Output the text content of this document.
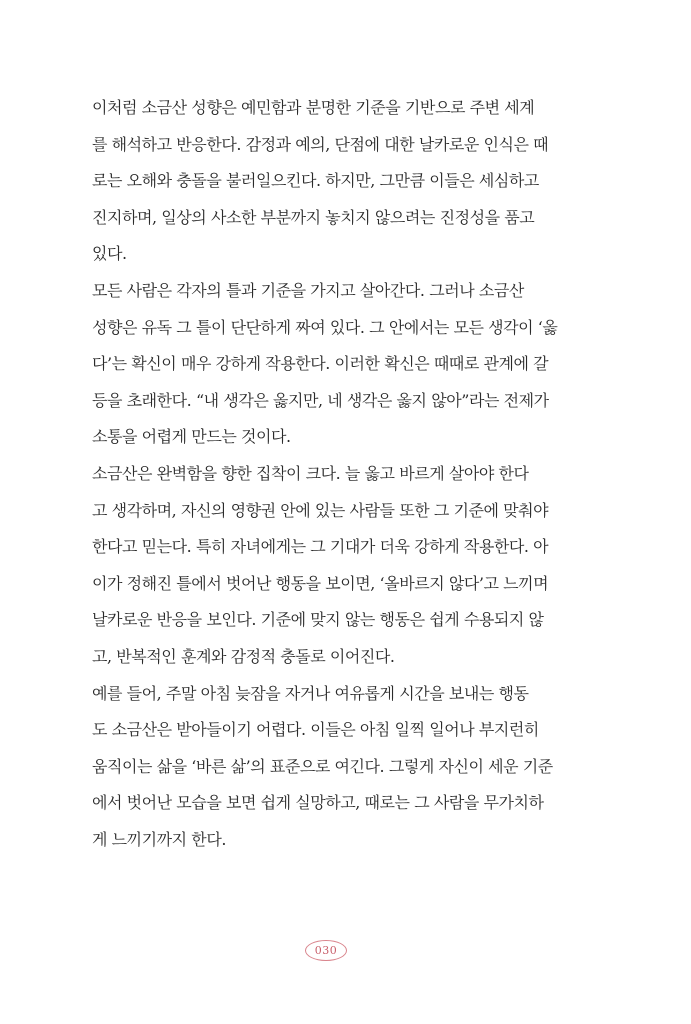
이처럼 소금산 성향은 예민함과 분명한 기준을 기반으로 주변 세계
를 해석하고 반응한다. 감정과 예의, 단점에 대한 날카로운 인식은 때
로는 오해와 충돌을 불러일으킨다. 하지만, 그만큼 이들은 세심하고
진지하며, 일상의 사소한 부분까지 놓치지 않으려는 진정성을 품고
있다.
모든 사람은 각자의 틀과 기준을 가지고 살아간다. 그러나 소금산
성향은 유독 그 틀이 단단하게 짜여 있다. 그 안에서는 모든 생각이 ‘옳
다’는 확신이 매우 강하게 작용한다. 이러한 확신은 때때로 관계에 갈
등을 초래한다. “내 생각은 옳지만, 네 생각은 옳지 않아”라는 전제가
소통을 어렵게 만드는 것이다.
소금산은 완벽함을 향한 집착이 크다. 늘 옳고 바르게 살아야 한다
고 생각하며, 자신의 영향권 안에 있는 사람들 또한 그 기준에 맞춰야
한다고 믿는다. 특히 자녀에게는 그 기대가 더욱 강하게 작용한다. 아
이가 정해진 틀에서 벗어난 행동을 보이면, ‘올바르지 않다’고 느끼며
날카로운 반응을 보인다. 기준에 맞지 않는 행동은 쉽게 수용되지 않
고, 반복적인 훈계와 감정적 충돌로 이어진다.
예를 들어, 주말 아침 늦잠을 자거나 여유롭게 시간을 보내는 행동
도 소금산은 받아들이기 어렵다. 이들은 아침 일찍 일어나 부지런히
움직이는 삶을 ‘바른 삶’의 표준으로 여긴다. 그렇게 자신이 세운 기준
에서 벗어난 모습을 보면 쉽게 실망하고, 때로는 그 사람을 무가치하
게 느끼기까지 한다.
030
